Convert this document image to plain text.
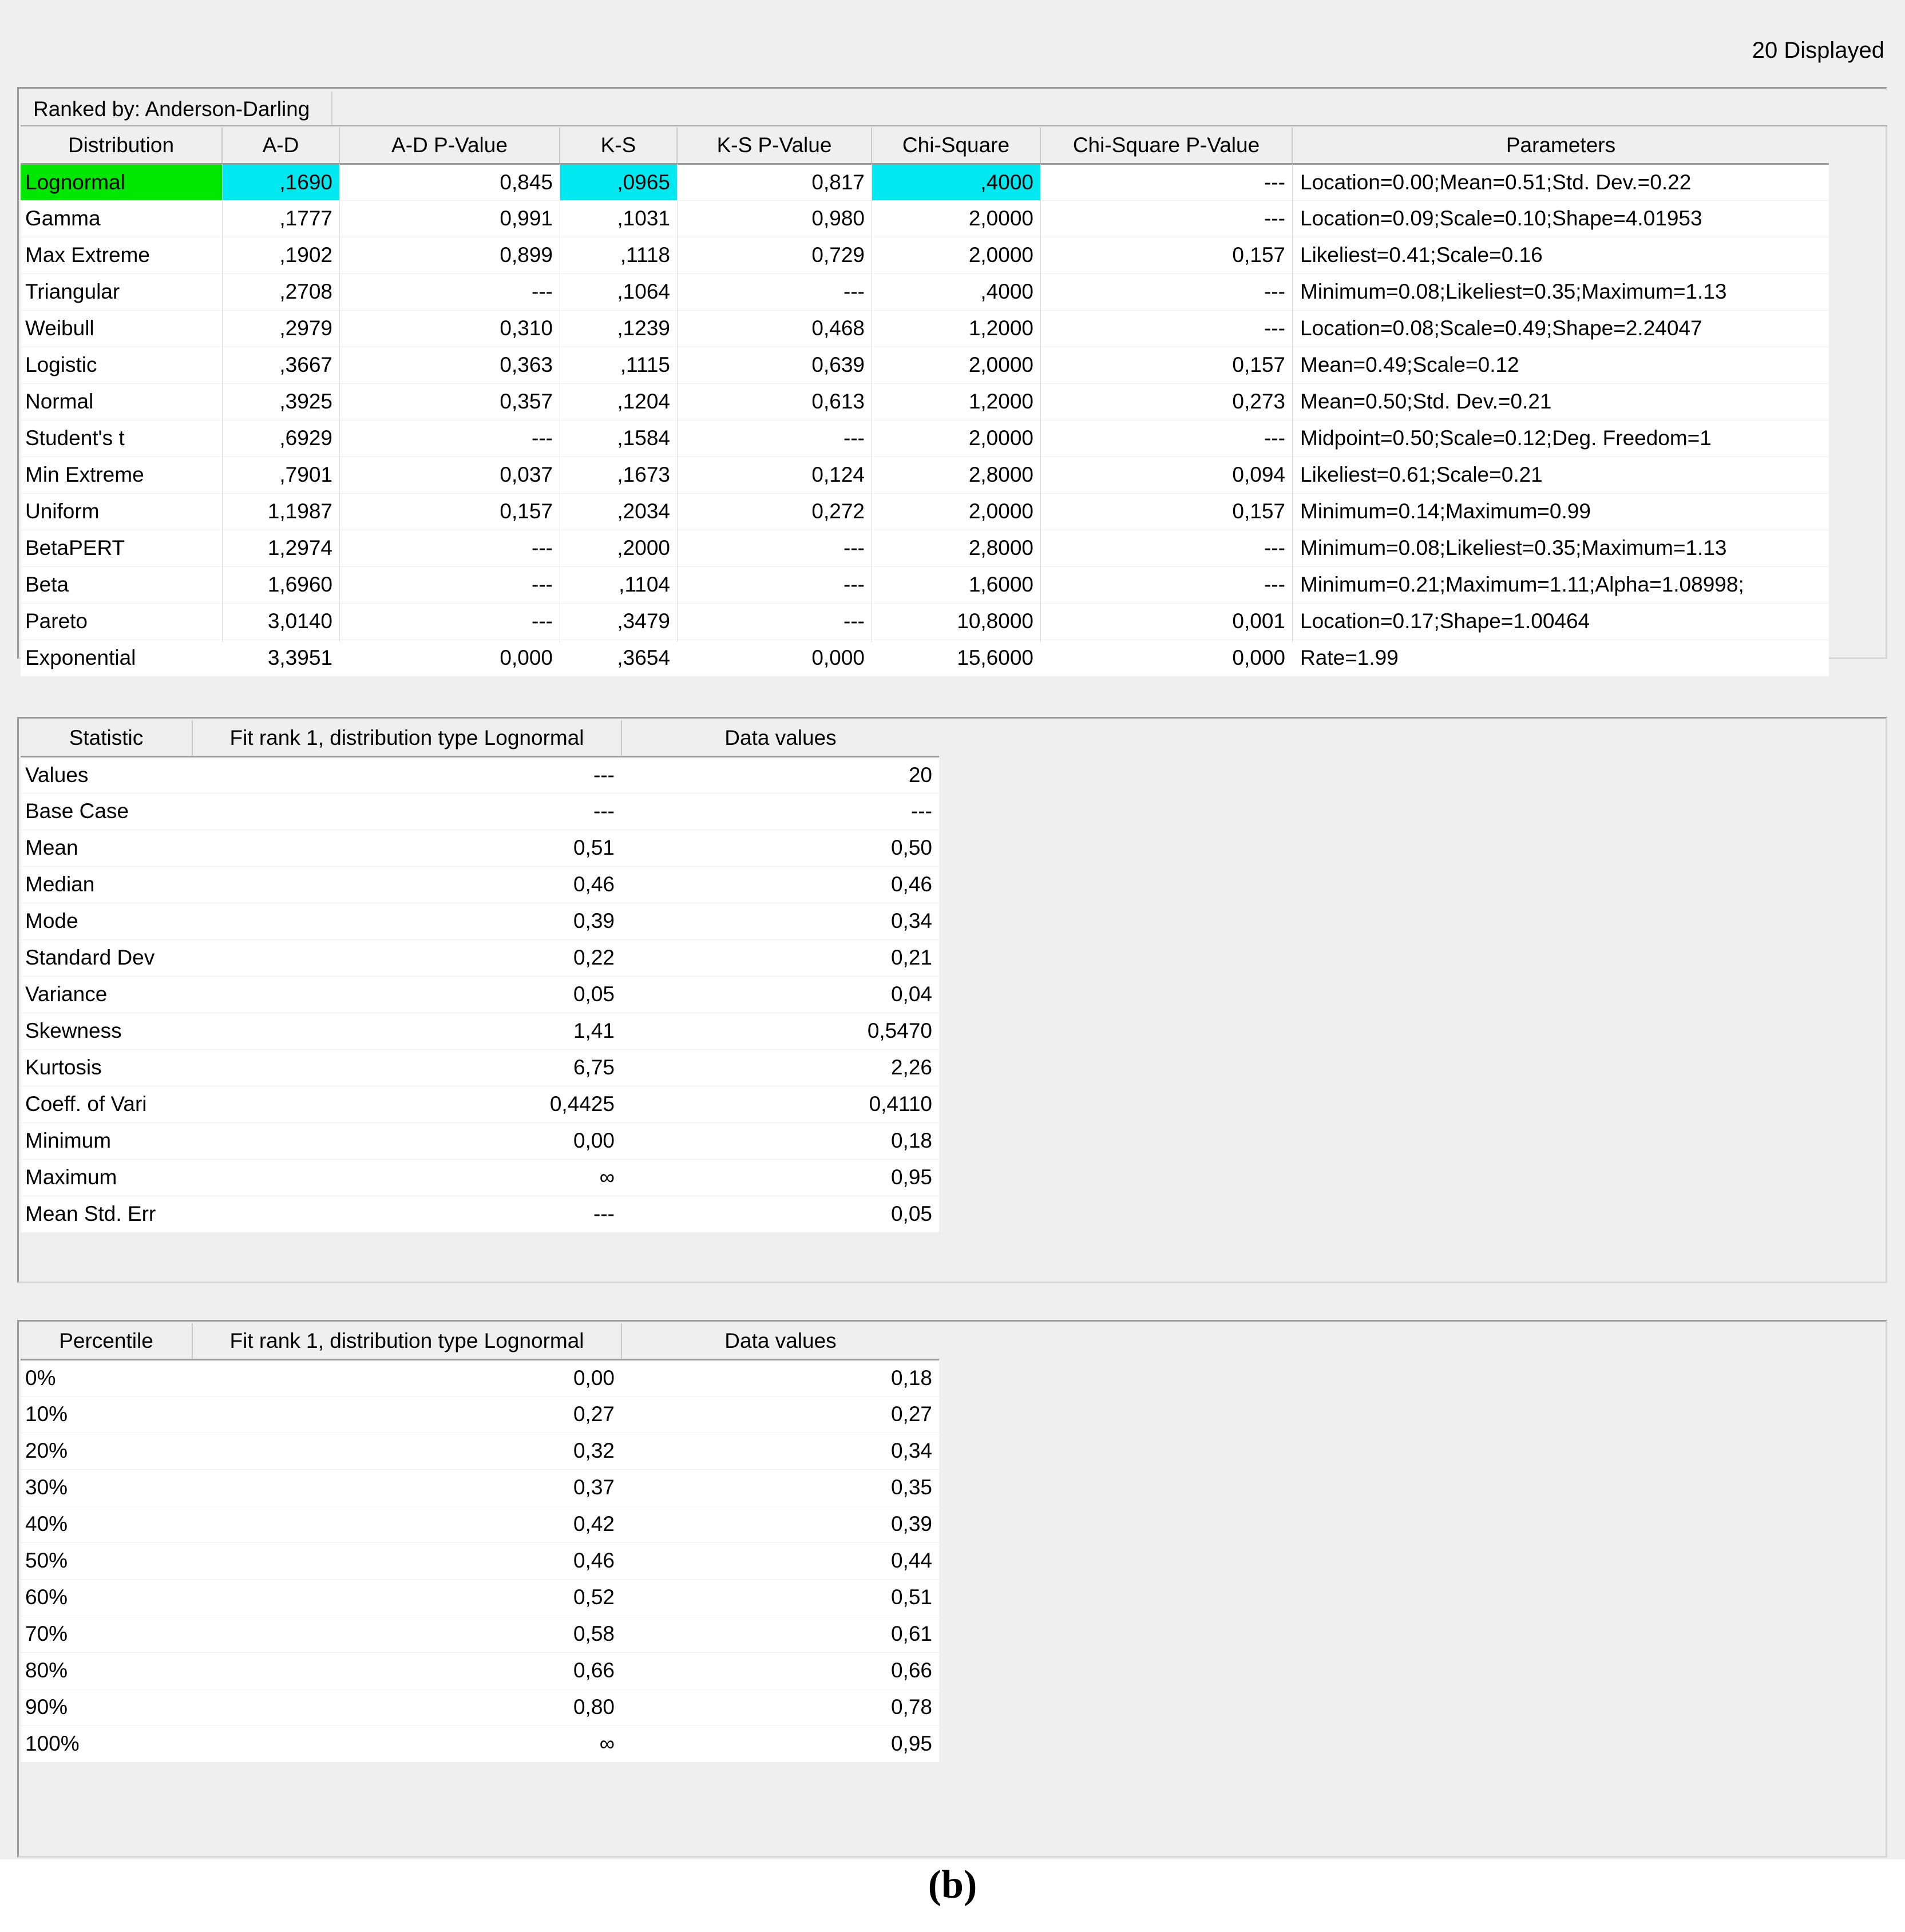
20 Displayed
Ranked by: Anderson-Darling
Distribution	A-D	A-D P-Value	K-S	K-S P-Value	Chi-Square	Chi-Square P-Value	Parameters
Lognormal	,1690	0,845	,0965	0,817	,4000	---	Location=0.00;Mean=0.51;Std. Dev.=0.22
Gamma	,1777	0,991	,1031	0,980	2,0000	---	Location=0.09;Scale=0.10;Shape=4.01953
Max Extreme	,1902	0,899	,1118	0,729	2,0000	0,157	Likeliest=0.41;Scale=0.16
Triangular	,2708	---	,1064	---	,4000	---	Minimum=0.08;Likeliest=0.35;Maximum=1.13
Weibull	,2979	0,310	,1239	0,468	1,2000	---	Location=0.08;Scale=0.49;Shape=2.24047
Logistic	,3667	0,363	,1115	0,639	2,0000	0,157	Mean=0.49;Scale=0.12
Normal	,3925	0,357	,1204	0,613	1,2000	0,273	Mean=0.50;Std. Dev.=0.21
Student's t	,6929	---	,1584	---	2,0000	---	Midpoint=0.50;Scale=0.12;Deg. Freedom=1
Min Extreme	,7901	0,037	,1673	0,124	2,8000	0,094	Likeliest=0.61;Scale=0.21
Uniform	1,1987	0,157	,2034	0,272	2,0000	0,157	Minimum=0.14;Maximum=0.99
BetaPERT	1,2974	---	,2000	---	2,8000	---	Minimum=0.08;Likeliest=0.35;Maximum=1.13
Beta	1,6960	---	,1104	---	1,6000	---	Minimum=0.21;Maximum=1.11;Alpha=1.08998;
Pareto	3,0140	---	,3479	---	10,8000	0,001	Location=0.17;Shape=1.00464
Exponential	3,3951	0,000	,3654	0,000	15,6000	0,000	Rate=1.99
Statistic	Fit rank 1, distribution type Lognormal	Data values
Values	---	20
Base Case	---	---
Mean	0,51	0,50
Median	0,46	0,46
Mode	0,39	0,34
Standard Dev	0,22	0,21
Variance	0,05	0,04
Skewness	1,41	0,5470
Kurtosis	6,75	2,26
Coeff. of Vari	0,4425	0,4110
Minimum	0,00	0,18
Maximum	∞	0,95
Mean Std. Err	---	0,05
Percentile	Fit rank 1, distribution type Lognormal	Data values
0%	0,00	0,18
10%	0,27	0,27
20%	0,32	0,34
30%	0,37	0,35
40%	0,42	0,39
50%	0,46	0,44
60%	0,52	0,51
70%	0,58	0,61
80%	0,66	0,66
90%	0,80	0,78
100%	∞	0,95
(b)
